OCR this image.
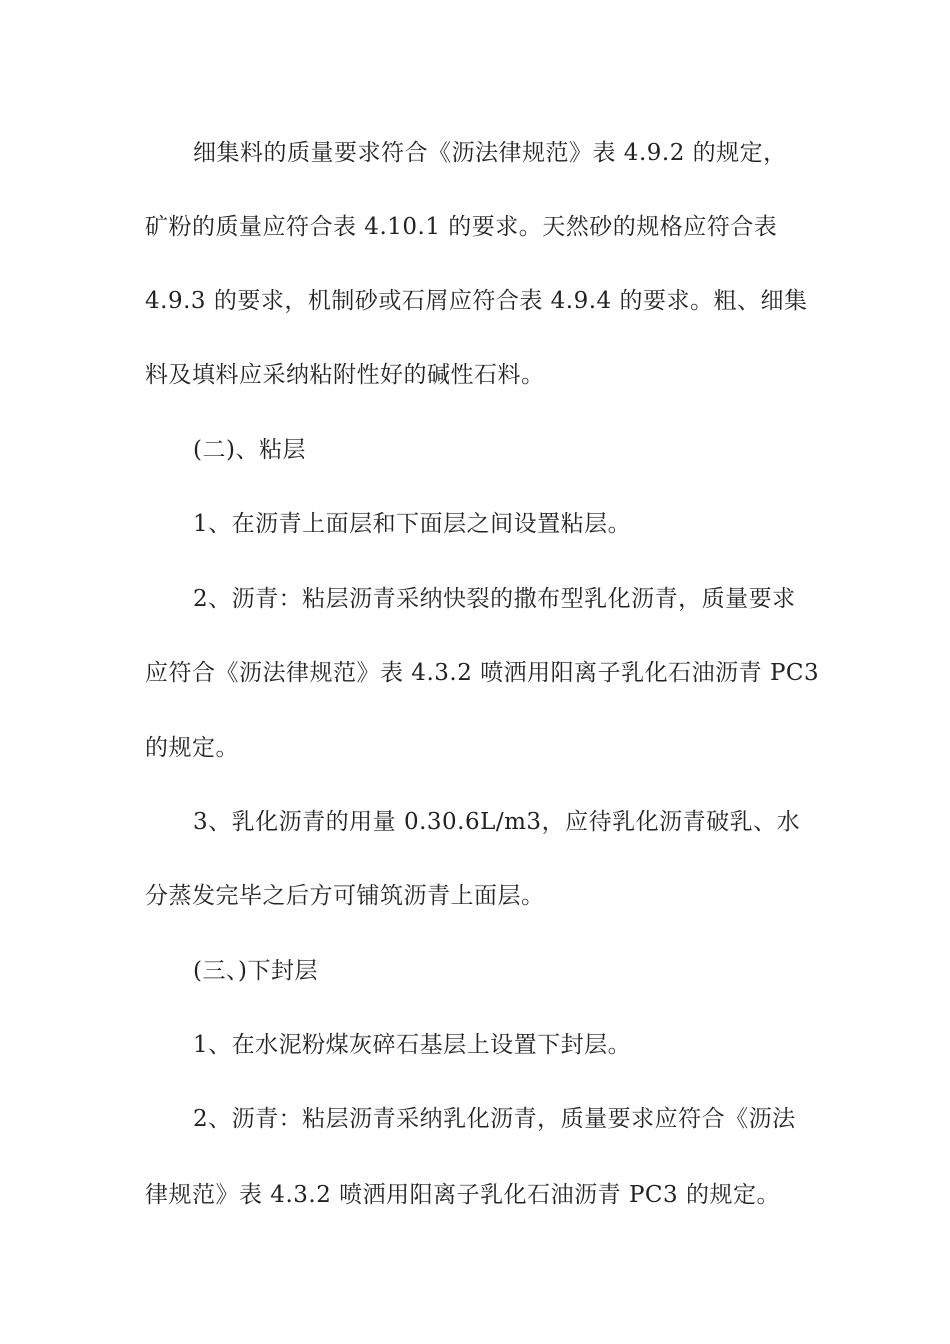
细集料的质量要求符合《沥法律规范》表 4.9.2 的规定，
矿粉的质量应符合表 4.10.1 的要求。天然砂的规格应符合表
4.9.3 的要求，机制砂或石屑应符合表 4.9.4 的要求。粗、细集
料及填料应采纳粘附性好的碱性石料。
(二)、粘层
1、在沥青上面层和下面层之间设置粘层。
2、沥青：粘层沥青采纳快裂的撒布型乳化沥青，质量要求
应符合《沥法律规范》表 4.3.2 喷洒用阳离子乳化石油沥青 PC3
的规定。
3、乳化沥青的用量 0.30.6L/m3，应待乳化沥青破乳、水
分蒸发完毕之后方可铺筑沥青上面层。
(三、)下封层
1、在水泥粉煤灰碎石基层上设置下封层。
2、沥青：粘层沥青采纳乳化沥青，质量要求应符合《沥法
律规范》表 4.3.2 喷洒用阳离子乳化石油沥青 PC3 的规定。
